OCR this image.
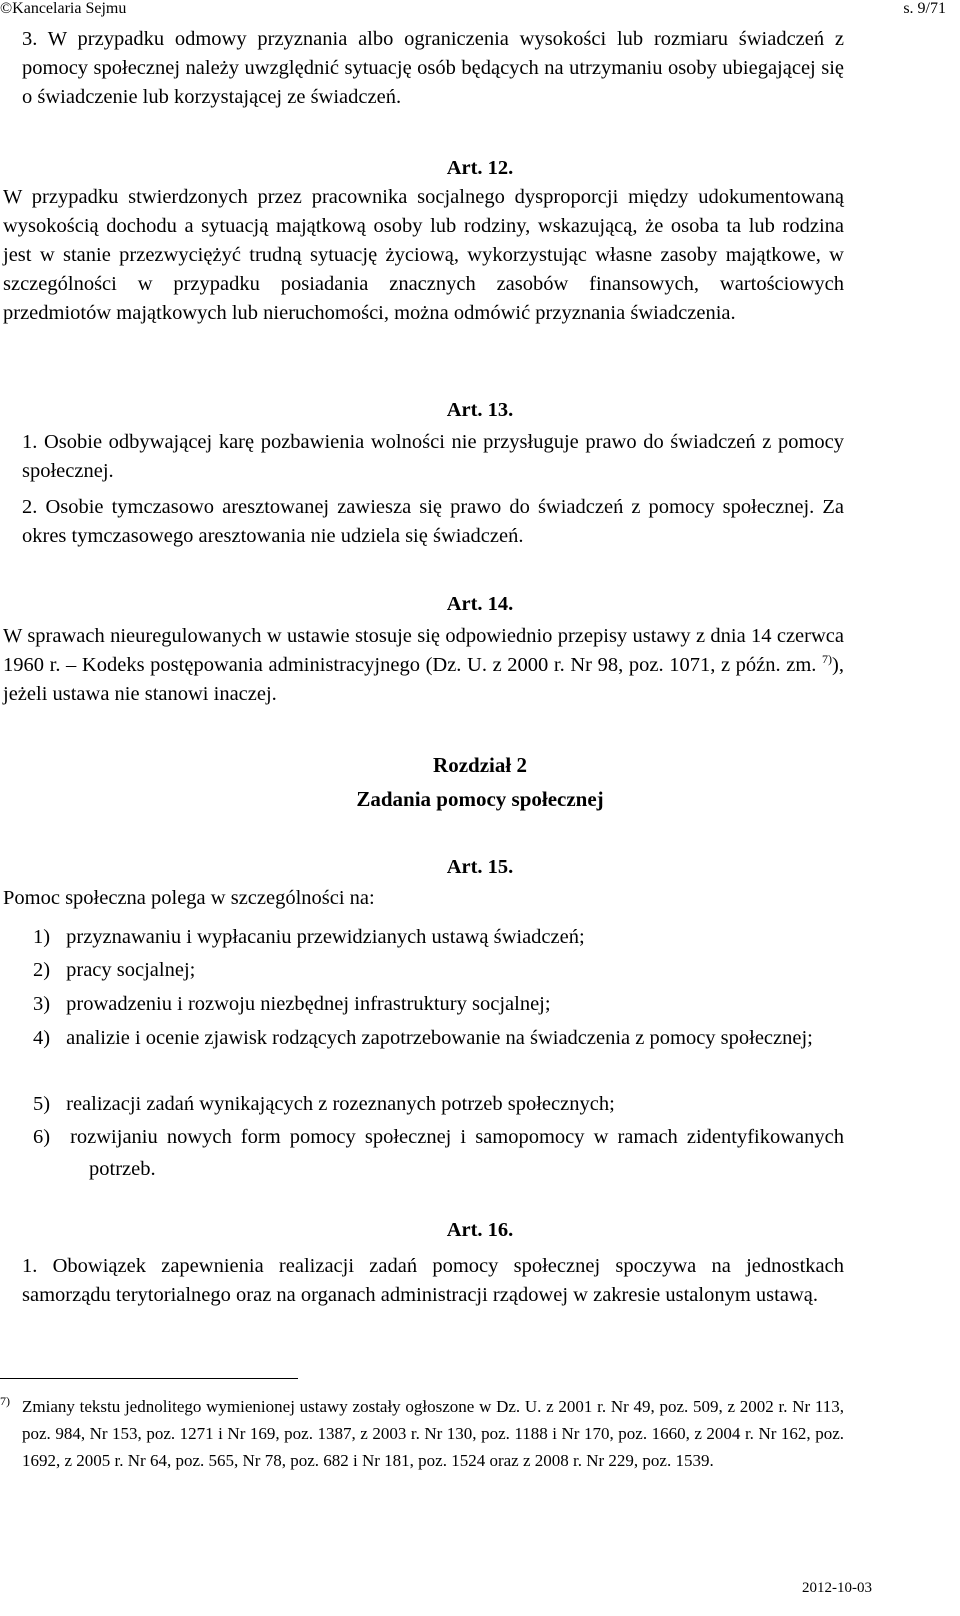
©Kancelaria Sejmu	s. 9/71

3. W przypadku odmowy przyznania albo ograniczenia wysokości lub rozmiaru świadczeń z pomocy społecznej należy uwzględnić sytuację osób będących na utrzymaniu osoby ubiegającej się o świadczenie lub korzystającej ze świadczeń.

Art. 12.

W przypadku stwierdzonych przez pracownika socjalnego dysproporcji między udokumentowaną wysokością dochodu a sytuacją majątkową osoby lub rodziny, wskazującą, że osoba ta lub rodzina jest w stanie przezwyciężyć trudną sytuację życiową, wykorzystując własne zasoby majątkowe, w szczególności w przypadku posiadania znacznych zasobów finansowych, wartościowych przedmiotów majątkowych lub nieruchomości, można odmówić przyznania świadczenia.

Art. 13.

1. Osobie odbywającej karę pozbawienia wolności nie przysługuje prawo do świadczeń z pomocy społecznej.

2. Osobie tymczasowo aresztowanej zawiesza się prawo do świadczeń z pomocy społecznej. Za okres tymczasowego aresztowania nie udziela się świadczeń.

Art. 14.

W sprawach nieuregulowanych w ustawie stosuje się odpowiednio przepisy ustawy z dnia 14 czerwca 1960 r. – Kodeks postępowania administracyjnego (Dz. U. z 2000 r. Nr 98, poz. 1071, z późn. zm. $^{7)}$), jeżeli ustawa nie stanowi inaczej.

Rozdział 2
Zadania pomocy społecznej
Art. 15.

Pomoc społeczna polega w szczególności na:

1) przyznawaniu i wypłacaniu przewidzianych ustawą świadczeń;
2) pracy socjalnej;
3) prowadzeniu i rozwoju niezbędnej infrastruktury socjalnej;
4) analizie i ocenie zjawisk rodzących zapotrzebowanie na świadczenia z pomocy społecznej;
5) realizacji zadań wynikających z rozeznanych potrzeb społecznych;
6) rozwijaniu nowych form pomocy społecznej i samopomocy w ramach zidentyfikowanych potrzeb.
Art. 16.

1. Obowiązek zapewnienia realizacji zadań pomocy społecznej spoczywa na jednostkach samorządu terytorialnego oraz na organach administracji rządowej w zakresie ustalonym ustawą.

7) Zmiany tekstu jednolitego wymienionej ustawy zostały ogłoszone w Dz. U. z 2001 r. Nr 49, poz. 509, z 2002 r. Nr 113, poz. 984, Nr 153, poz. 1271 i Nr 169, poz. 1387, z 2003 r. Nr 130, poz. 1188 i Nr 170, poz. 1660, z 2004 r. Nr 162, poz. 1692, z 2005 r. Nr 64, poz. 565, Nr 78, poz. 682 i Nr 181, poz. 1524 oraz z 2008 r. Nr 229, poz. 1539.

2012-10-03
